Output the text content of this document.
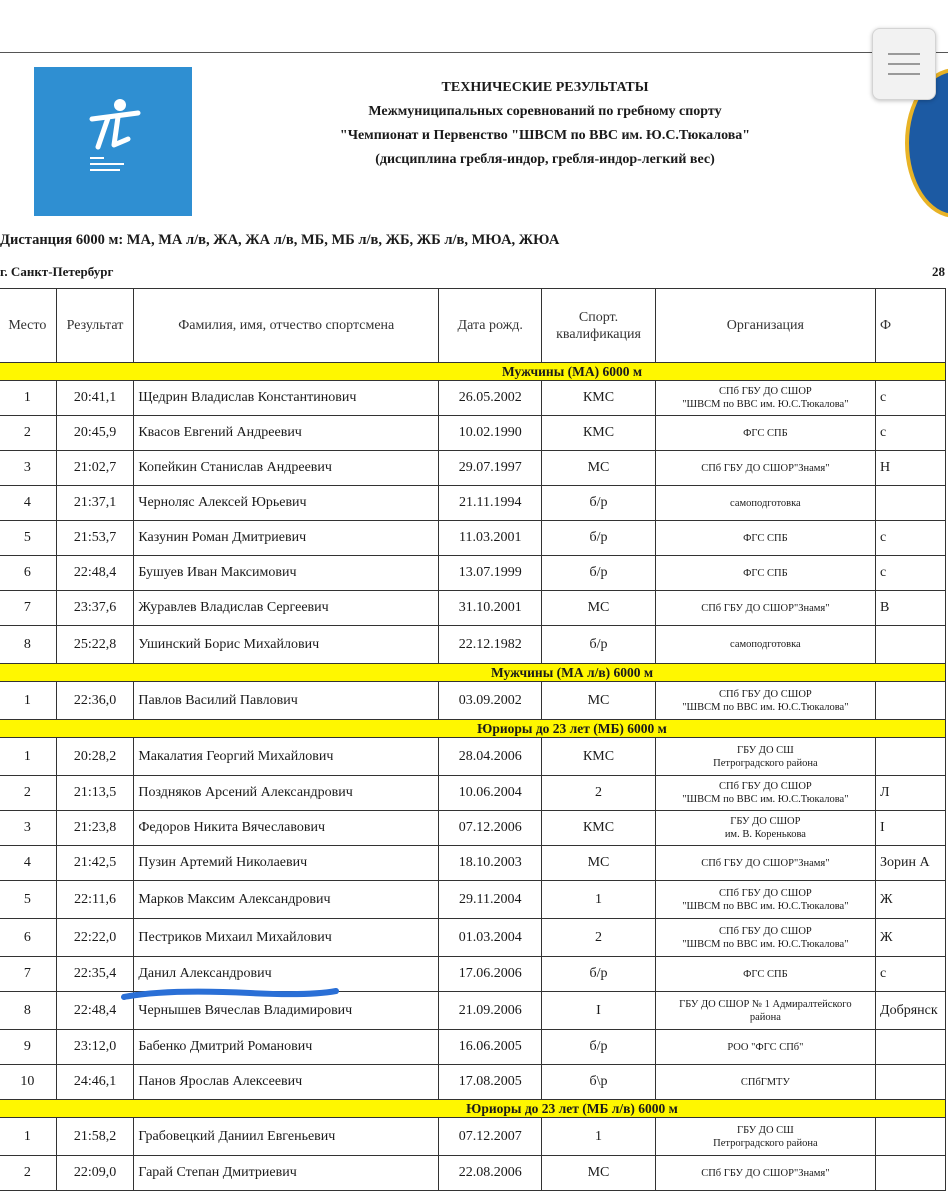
ТЕХНИЧЕСКИЕ РЕЗУЛЬТАТЫ
Межмуниципальных соревнований по гребному спорту
"Чемпионат и Первенство "ШВСМ по ВВС им. Ю.С.Тюкалова"
(дисциплина гребля-индор, гребля-индор-легкий вес)
Дистанция 6000 м: МА, МА л/в, ЖА, ЖА л/в, МБ, МБ л/в, ЖБ, ЖБ л/в, МЮА, ЖЮА
г. Санкт-Петербург	28
Место	Результат	Фамилия, имя, отчество спортсмена	Дата рожд.	Спорт. квалификация	Организация	Ф
Мужчины (МА) 6000 м						
1	20:41,1	Щедрин Владислав Константинович	26.05.2002	КМС	СПб ГБУ ДО СШОР
"ШВСМ по ВВС им. Ю.С.Тюкалова"	с
2	20:45,9	Квасов Евгений Андреевич	10.02.1990	КМС	ФГС СПБ	с
3	21:02,7	Копейкин Станислав Андреевич	29.07.1997	МС	СПб ГБУ ДО СШОР"Знамя"	Н
4	21:37,1	Черноляс Алексей Юрьевич	21.11.1994	б/р	самоподготовка	

5	21:53,7	Казунин Роман Дмитриевич	11.03.2001	б/р	ФГС СПБ	с
6	22:48,4	Бушуев Иван Максимович	13.07.1999	б/р	ФГС СПБ	с
7	23:37,6	Журавлев Владислав Сергеевич	31.10.2001	МС	СПб ГБУ ДО СШОР"Знамя"	В
8	25:22,8	Ушинский Борис Михайлович	22.12.1982	б/р	самоподготовка	

Мужчины (МА л/в) 6000 м						
1	22:36,0	Павлов Василий Павлович	03.09.2002	МС	СПб ГБУ ДО СШОР
"ШВСМ по ВВС им. Ю.С.Тюкалова"	

Юриоры до 23 лет (МБ) 6000 м						
1	20:28,2	Макалатия Георгий Михайлович	28.04.2006	КМС	ГБУ ДО СШ
Петроградского района	

2	21:13,5	Поздняков Арсений Александрович	10.06.2004	2	СПб ГБУ ДО СШОР
"ШВСМ по ВВС им. Ю.С.Тюкалова"	Л
3	21:23,8	Федоров Никита Вячеславович	07.12.2006	КМС	ГБУ ДО СШОР
им. В. Коренькова	I
4	21:42,5	Пузин Артемий Николаевич	18.10.2003	МС	СПб ГБУ ДО СШОР"Знамя"	Зорин А
5	22:11,6	Марков Максим Александрович	29.11.2004	1	СПб ГБУ ДО СШОР
"ШВСМ по ВВС им. Ю.С.Тюкалова"	Ж
6	22:22,0	Пестриков Михаил Михайлович	01.03.2004	2	СПб ГБУ ДО СШОР
"ШВСМ по ВВС им. Ю.С.Тюкалова"	Ж
7	22:35,4	Данил Александрович	17.06.2006	б/р	ФГС СПБ	с
8	22:48,4	Чернышев Вячеслав Владимирович	21.09.2006	I	ГБУ ДО СШОР № 1 Адмиралтейского
района	Добрянск
9	23:12,0	Бабенко Дмитрий Романович	16.06.2005	б/р	РОО "ФГС СПб"	

10	24:46,1	Панов Ярослав Алексеевич	17.08.2005	б\р	СПбГМТУ	

Юриоры до 23 лет (МБ л/в) 6000 м						
1	21:58,2	Грабовецкий Даниил Евгеньевич	07.12.2007	1	ГБУ ДО СШ
Петроградского района	

2	22:09,0	Гарай Степан Дмитриевич	22.08.2006	МС	СПб ГБУ ДО СШОР"Знамя"	
